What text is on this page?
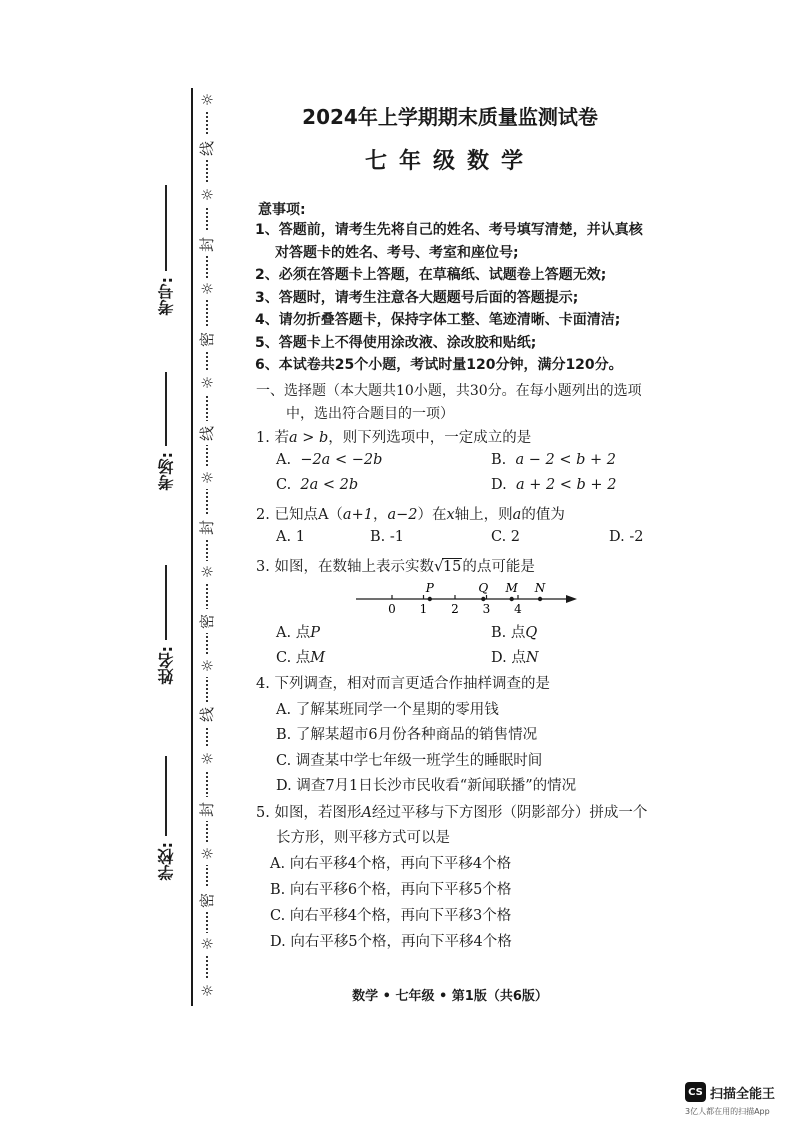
☼
线
☼
封
☼
密
☼
线
☼
封
☼
密
☼
线
☼
封
☼
密
☼
☼
考号:
考场:
姓名:
学校:
2024年上学期期末质量监测试卷
七年级数学
意事项:
1、答题前，请考生先将自己的姓名、考号填写清楚，并认真核
对答题卡的姓名、考号、考室和座位号;
2、必须在答题卡上答题，在草稿纸、试题卷上答题无效;
3、答题时，请考生注意各大题题号后面的答题提示;
4、请勿折叠答题卡，保持字体工整、笔迹清晰、卡面清洁;
5、答题卡上不得使用涂改液、涂改胶和贴纸;
6、本试卷共25个小题，考试时量120分钟，满分120分。
一、选择题（本大题共10小题，共30分。在每小题列出的选项
中，选出符合题目的一项）
1. 若a > b，则下列选项中，一定成立的是
A. −2a < −2b	B. a − 2 < b + 2
C. 2a < 2b	D. a + 2 < b + 2
2. 已知点A（a+1，a−2）在x轴上，则a的值为
A. 1	B. -1	C. 2	D. -2
3. 如图，在数轴上表示实数 √ 15的点可能是
0 1 2 3 4
P	Q M N
A. 点P	B. 点Q
C. 点M	D. 点N
4. 下列调查，相对而言更适合作抽样调查的是
A. 了解某班同学一个星期的零用钱
B. 了解某超市6月份各种商品的销售情况
C. 调查某中学七年级一班学生的睡眠时间
D. 调查7月1日长沙市民收看“新闻联播”的情况
5. 如图，若图形A经过平移与下方图形（阴影部分）拼成一个
长方形，则平移方式可以是
A. 向右平移4个格，再向下平移4个格
B. 向右平移6个格，再向下平移5个格
C. 向右平移4个格，再向下平移3个格
D. 向右平移5个格，再向下平移4个格
数学 • 七年级 • 第1版（共6版）
CS 扫描全能王
3亿人都在用的扫描App
